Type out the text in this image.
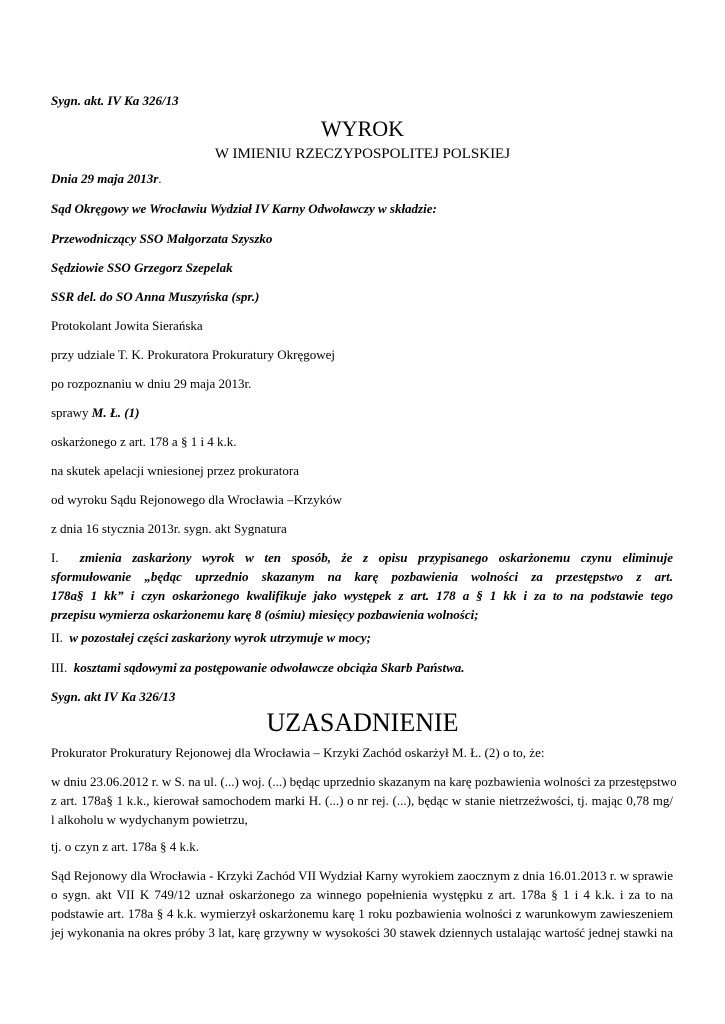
Sygn. akt. IV Ka 326/13
WYROK
W IMIENIU RZECZYPOSPOLITEJ POLSKIEJ
Dnia 29 maja 2013r.
Sąd Okręgowy we Wrocławiu Wydział IV Karny Odwoławczy w składzie:
Przewodniczący SSO Małgorzata Szyszko
Sędziowie SSO Grzegorz Szepelak
SSR del. do SO Anna Muszyńska (spr.)
Protokolant Jowita Sierańska
przy udziale T. K. Prokuratora Prokuratury Okręgowej
po rozpoznaniu w dniu 29 maja 2013r.
sprawy M. Ł. (1)
oskarżonego z art. 178 a § 1 i 4 k.k.
na skutek apelacji wniesionej przez prokuratora
od wyroku Sądu Rejonowego dla Wrocławia –Krzyków
z dnia 16 stycznia 2013r. sygn. akt Sygnatura
I. zmienia zaskarżony wyrok w ten sposób, że z opisu przypisanego oskarżonemu czynu eliminuje
sformułowanie „będąc uprzednio skazanym na karę pozbawienia wolności za przestępstwo z art.
178a§ 1 kk” i czyn oskarżonego kwalifikuje jako występek z art. 178 a § 1 kk i za to na podstawie tego
przepisu wymierza oskarżonemu karę 8 (ośmiu) miesięcy pozbawienia wolności;
II. w pozostałej części zaskarżony wyrok utrzymuje w mocy;
III. kosztami sądowymi za postępowanie odwoławcze obciąża Skarb Państwa.
Sygn. akt IV Ka 326/13
UZASADNIENIE
Prokurator Prokuratury Rejonowej dla Wrocławia – Krzyki Zachód oskarżył M. Ł. (2) o to, że:
w dniu 23.06.2012 r. w S. na ul. (...) woj. (...) będąc uprzednio skazanym na karę pozbawienia wolności za przestępstwo
z art. 178a§ 1 k.k., kierował samochodem marki H. (...) o nr rej. (...), będąc w stanie nietrzeźwości, tj. mając 0,78 mg/
l alkoholu w wydychanym powietrzu,
tj. o czyn z art. 178a § 4 k.k.
Sąd Rejonowy dla Wrocławia - Krzyki Zachód VII Wydział Karny wyrokiem zaocznym z dnia 16.01.2013 r. w sprawie
o sygn. akt VII K 749/12 uznał oskarżonego za winnego popełnienia występku z art. 178a § 1 i 4 k.k. i za to na
podstawie art. 178a § 4 k.k. wymierzył oskarżonemu karę 1 roku pozbawienia wolności z warunkowym zawieszeniem
jej wykonania na okres próby 3 lat, karę grzywny w wysokości 30 stawek dziennych ustalając wartość jednej stawki na
